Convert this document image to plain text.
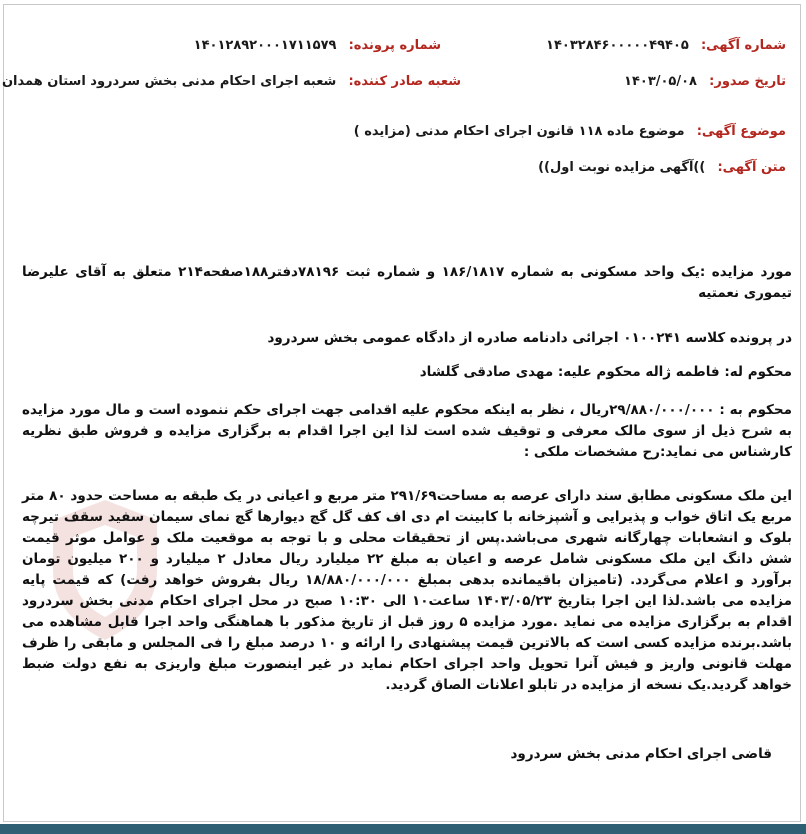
شماره آگهی: ۱۴۰۳۲۸۴۶۰۰۰۰۰۴۹۴۰۵
شماره پرونده: ۱۴۰۱۲۸۹۲۰۰۰۱۷۱۱۵۷۹
تاریخ صدور: ۱۴۰۳/۰۵/۰۸
شعبه صادر کننده: شعبه اجرای احکام مدنی بخش سردرود استان همدان
موضوع آگهی: موضوع ماده ۱۱۸ قانون اجرای احکام مدنی (مزایده )
متن آگهی: ))آگهی مزایده نوبت اول))

مورد مزایده :یک واحد مسکونی به شماره ۱۸۶/۱۸۱۷ و شماره ثبت ۷۸۱۹۶دفتر۱۸۸صفحه۲۱۴ متعلق به آقای علیرضا تیموری نعمتیه

در پرونده کلاسه ۰۱۰۰۲۴۱ اجرائی دادنامه صادره از دادگاه عمومی بخش سردرود

محکوم له: فاطمه ژاله محکوم علیه: مهدی صادقی گلشاد

محکوم به : ۲۹/۸۸۰/۰۰۰/۰۰۰ریال ، نظر به اینکه محکوم علیه اقدامی جهت اجرای حکم ننموده است و مال مورد مزایده به شرح ذیل از سوی مالک معرفی و توقیف شده است لذا این اجرا اقدام به برگزاری مزایده و فروش طبق نظریه کارشناس می نماید:رح مشخصات ملکی :

این ملک مسکونی مطابق سند دارای عرصه به مساحت۲۹۱/۶۹ متر مربع و اعیانی در یک طبقه به مساحت حدود ۸۰ متر مربع یک اتاق خواب و پذیرایی و آشپزخانه با کابینت ام دی اف کف گل گچ دیوارها گچ نمای سیمان سفید سقف تیرچه بلوک و انشعابات چهارگانه شهری می‌باشد.پس از تحقیقات محلی و با توجه به موقعیت ملک و عوامل موثر قیمت شش دانگ این ملک مسکونی شامل عرصه و اعیان به مبلغ ۲۲ میلیارد ریال معادل ۲ میلیارد و ۲۰۰ میلیون تومان برآورد و اعلام می‌گردد. (تامیزان باقیمانده بدهی بمبلغ ۱۸/۸۸۰/۰۰۰/۰۰۰ ریال بفروش خواهد رفت) که قیمت پایه مزایده می باشد.لذا این اجرا بتاریخ ۱۴۰۳/۰۵/۲۳ ساعت۱۰ الی ۱۰:۳۰ صبح در محل اجرای احکام مدنی بخش سردرود اقدام به برگزاری مزایده می نماید .مورد مزایده ۵ روز قبل از تاریخ مذکور با هماهنگی واحد اجرا قابل مشاهده می باشد.برنده مزایده کسی است که بالاترین قیمت پیشنهادی را ارائه و ۱۰ درصد مبلغ را فی المجلس و مابقی را ظرف مهلت قانونی واریز و فیش آنرا تحویل واحد اجرای احکام نماید در غیر اینصورت مبلغ واریزی به نفع دولت ضبط خواهد گردید.یک نسخه از مزایده در تابلو اعلانات الصاق گردید.

قاضی اجرای احکام مدنی بخش سردرود
